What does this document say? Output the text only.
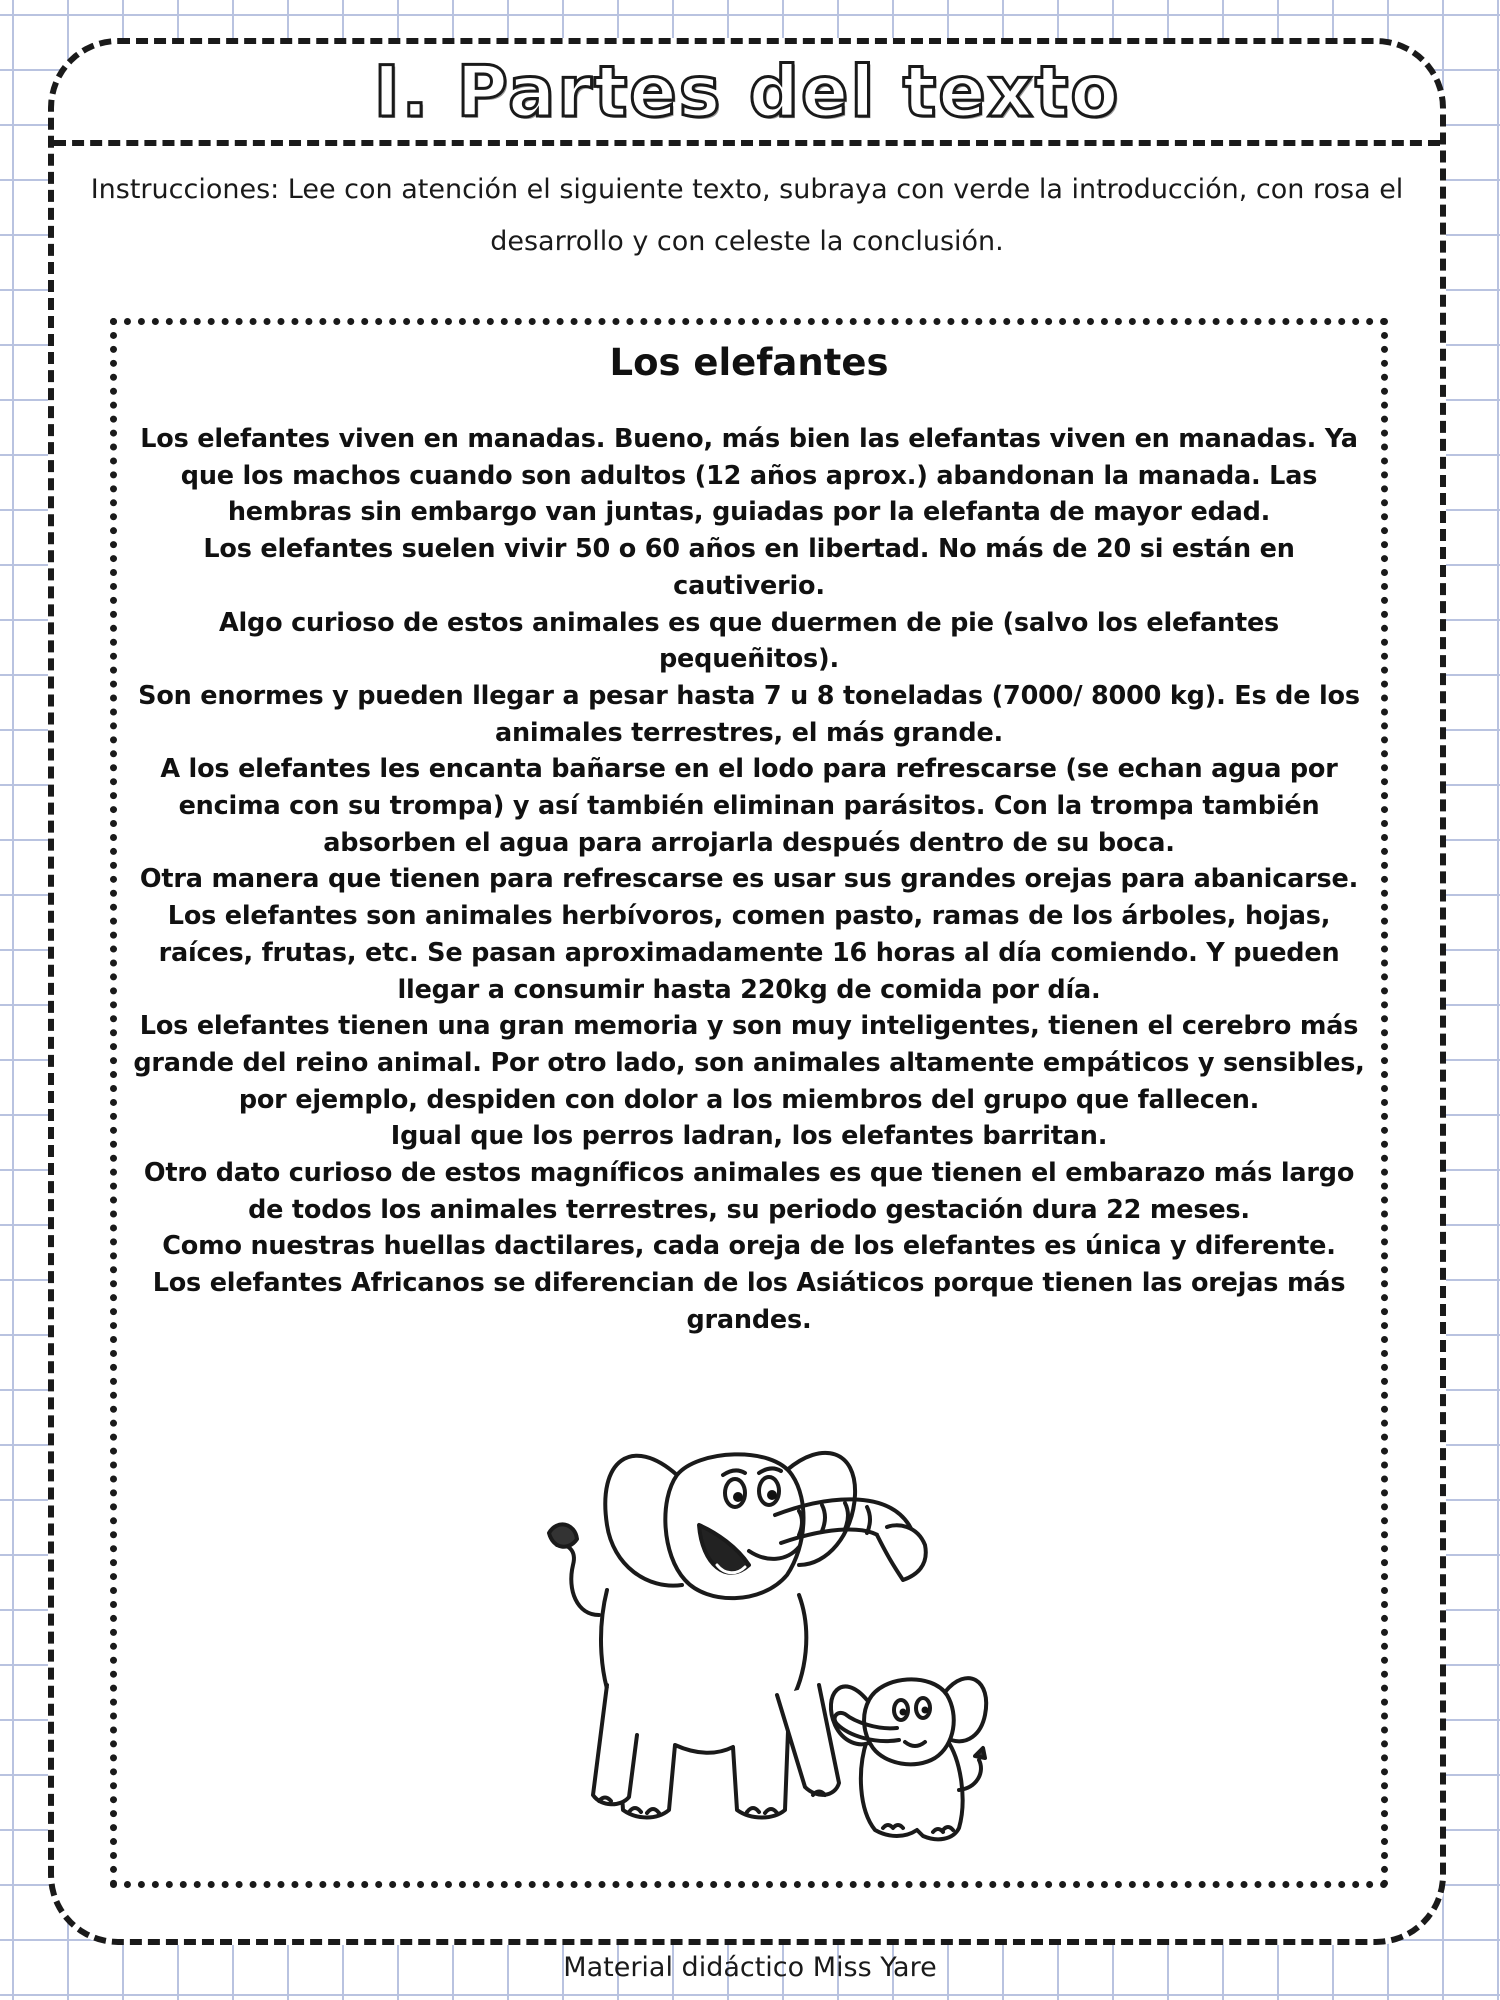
I. Partes del texto

Instrucciones: Lee con atención el siguiente texto, subraya con verde la introducción, con rosa el desarrollo y con celeste la conclusión.

Los elefantes

Los elefantes viven en manadas. Bueno, más bien las elefantas viven en manadas. Ya que los machos cuando son adultos (12 años aprox.) abandonan la manada. Las hembras sin embargo van juntas, guiadas por la elefanta de mayor edad.

Los elefantes suelen vivir 50 o 60 años en libertad. No más de 20 si están en cautiverio.

Algo curioso de estos animales es que duermen de pie (salvo los elefantes pequeñitos).

Son enormes y pueden llegar a pesar hasta 7 u 8 toneladas (7000/ 8000 kg). Es de los animales terrestres, el más grande.

A los elefantes les encanta bañarse en el lodo para refrescarse (se echan agua por encima con su trompa) y así también eliminan parásitos. Con la trompa también absorben el agua para arrojarla después dentro de su boca.

Otra manera que tienen para refrescarse es usar sus grandes orejas para abanicarse.

Los elefantes son animales herbívoros, comen pasto, ramas de los árboles, hojas, raíces, frutas, etc. Se pasan aproximadamente 16 horas al día comiendo. Y pueden llegar a consumir hasta 220kg de comida por día.

Los elefantes tienen una gran memoria y son muy inteligentes, tienen el cerebro más grande del reino animal. Por otro lado, son animales altamente empáticos y sensibles, por ejemplo, despiden con dolor a los miembros del grupo que fallecen.

Igual que los perros ladran, los elefantes barritan.

Otro dato curioso de estos magníficos animales es que tienen el embarazo más largo de todos los animales terrestres, su periodo gestación dura 22 meses.

Como nuestras huellas dactilares, cada oreja de los elefantes es única y diferente.

Los elefantes Africanos se diferencian de los Asiáticos porque tienen las orejas más grandes.

Material didáctico Miss Yare
